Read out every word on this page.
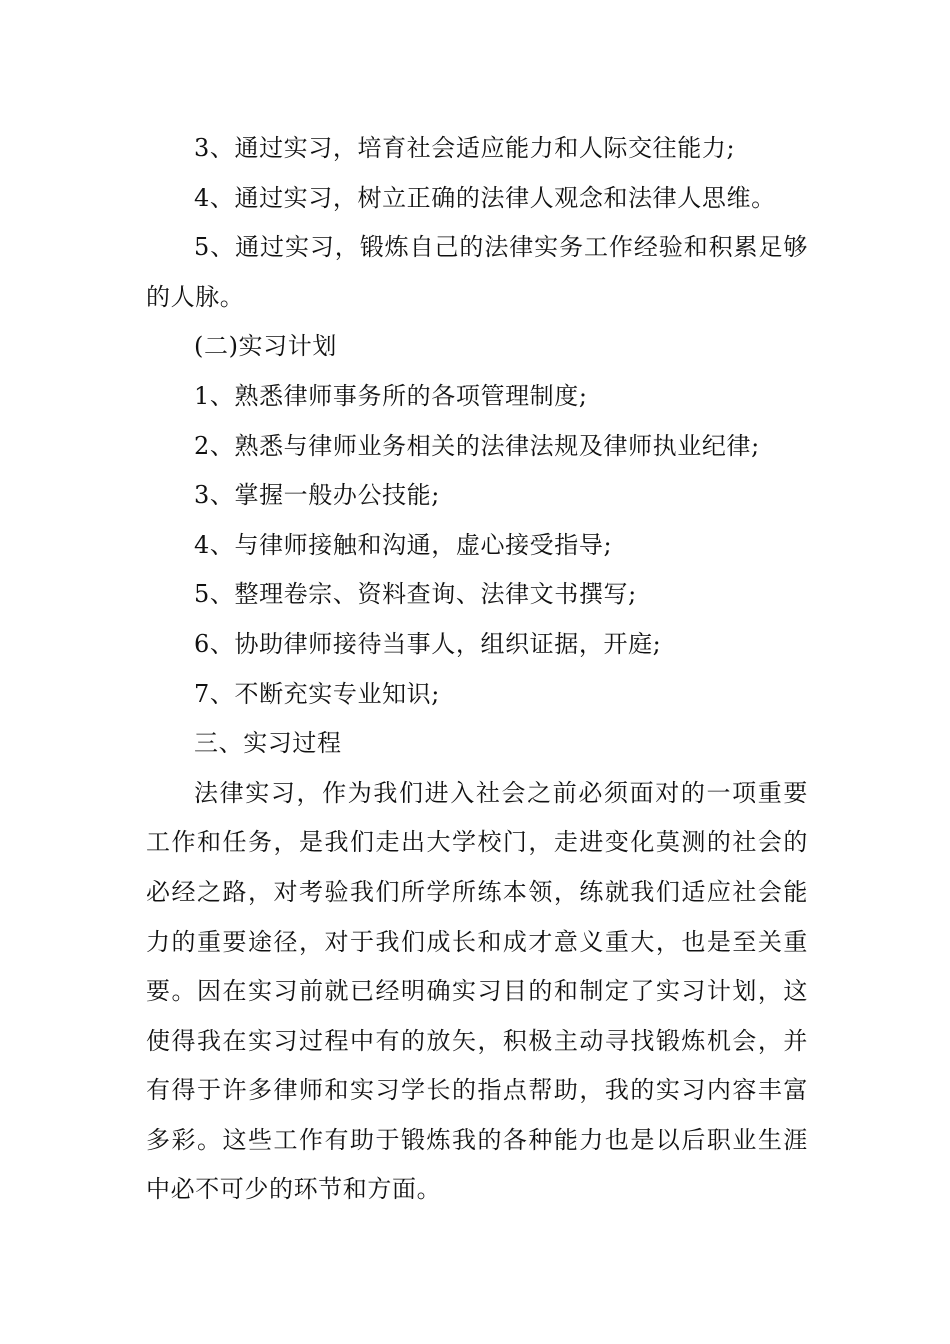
3、通过实习，培育社会适应能力和人际交往能力;

4、通过实习，树立正确的法律人观念和法律人思维。

5、通过实习，锻炼自己的法律实务工作经验和积累足够的人脉。

(二)实习计划

1、熟悉律师事务所的各项管理制度;

2、熟悉与律师业务相关的法律法规及律师执业纪律;

3、掌握一般办公技能;

4、与律师接触和沟通，虚心接受指导;

5、整理卷宗、资料查询、法律文书撰写;

6、协助律师接待当事人，组织证据，开庭;

7、不断充实专业知识;

三、实习过程

法律实习，作为我们进入社会之前必须面对的一项重要工作和任务，是我们走出大学校门，走进变化莫测的社会的必经之路，对考验我们所学所练本领，练就我们适应社会能力的重要途径，对于我们成长和成才意义重大，也是至关重要。因在实习前就已经明确实习目的和制定了实习计划，这使得我在实习过程中有的放矢，积极主动寻找锻炼机会，并有得于许多律师和实习学长的指点帮助，我的实习内容丰富多彩。这些工作有助于锻炼我的各种能力也是以后职业生涯中必不可少的环节和方面。
